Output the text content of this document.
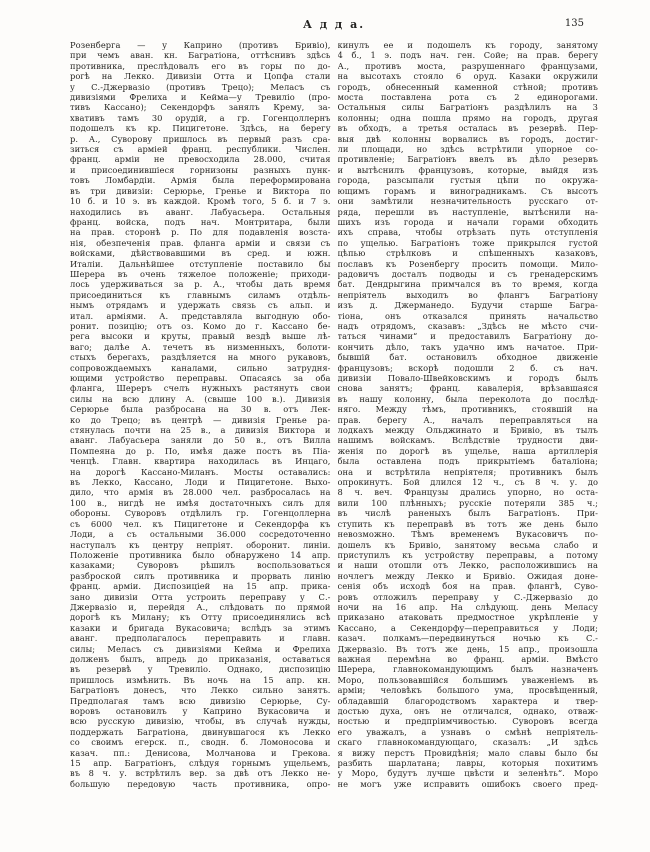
А д д а.	135
Розенберга — у Каприно (противъ Бривіо),
при чемъ аван. кн. Багратіона, оттѣснивъ здѣсь
противника, преслѣдовалъ его въ горы по до-
рогѣ на Лекко. Дивизіи Отта и Цопфа стали
у С.-Джервазіо (противъ Трецо); Меласъ съ
дивизіями Фрелиха и Кейма—у Тревиліо (про-
тивъ Кассано); Секендорфъ занялъ Крему, за-
хвативъ тамъ 30 орудій, а гр. Гогенцоллернъ
подошелъ къ кр. Пицигетоне. Здѣсь, на берегу
р. А., Суворову пришлось въ первый разъ сра-
зиться съ арміей франц. республики. Числен.
франц. арміи не превосходила 28.000, считая
и присоединившіеся горнизоны разныхъ пунк-
товъ Ломбардіи. Армія была переформирована
въ три дивизіи: Серюрье, Гренье и Виктора по
10 б. и 10 э. въ каждой. Кромѣ того, 5 б. и 7 э.
находились въ аванг. Лабуасьера. Остальныя
франц. войска, подъ нач. Монтритара, были
на прав. сторонѣ р. По для подавленія возста-
нія, обезпеченія прав. фланга арміи и связи съ
войсками, дѣйствовавшими въ сред. и южн.
Италіи. Дальнѣйшее отступленіе поставило бы
Шерера въ очень тяжелое положеніе; приходи-
лось удерживаться за р. А., чтобы дать время
присоединиться къ главнымъ силамъ отдѣль-
нымъ отрядамъ и удержать связь съ альп. и
итал. арміями. А. представляла выгодную обо-
ронит. позицію; отъ оз. Комо до г. Кассано бе-
рега высоки и круты, правый вездѣ выше лѣ-
ваго; далѣе А. течетъ въ низменныхъ, болоти-
стыхъ берегахъ, раздѣляется на много рукавовъ,
сопровождаемыхъ каналами, сильно затрудня-
ющими устройство переправы. Опасаясь за оба
фланга, Шереръ счелъ нужныхъ растянуть свои
силы на всю длину А. (свыше 100 в.). Дивизія
Серюрье была разбросана на 30 в. отъ Лек-
ко до Трецо; въ центрѣ — дивизія Гренье ра-
стянулась почти на 25 в., а дивизія Виктора и
аванг. Лабуасьера заняли до 50 в., отъ Вилла
Помпеяна до р. По, имѣя даже постъ въ Піа-
ченцѣ. Главн. квартира находилась въ Инцаго,
на дорогѣ Кассано-Миланъ. Мосты оставались:
въ Лекко, Кассано, Лоди и Пицигетоне. Выхо-
дило, что армія въ 28.000 чел. разбросалась на
100 в., нигдѣ не имѣя достаточныхъ силъ для
обороны. Суворовъ отдѣлилъ гр. Гогенцоллерна
съ 6000 чел. къ Пицигетоне и Секендорфа къ
Лоди, а съ остальными 36.000 сосредоточенно
наступалъ къ центру непріят. оборонит. линіи.
Положеніе противника было обнаружено 14 апр.
казаками; Суворовъ рѣшилъ воспользоваться
разброской силъ противника и прорвать линію
франц. арміи. Диспозиціей на 15 апр. прика-
зано дивизіи Отта устроить переправу у С.-
Джервазіо и, перейдя А., слѣдовать по прямой
дорогѣ къ Милану; къ Отту присоединялись всѣ
казаки и бригада Вукасовича; вслѣдъ за этимъ
аванг. предполагалось переправить и главн.
силы; Меласъ съ дивизіями Кейма и Фрелиха
долженъ былъ, впредь до приказанія, оставаться
въ резервѣ у Тревиліо. Однако, диспозицію
пришлось измѣнить. Въ ночь на 15 апр. кн.
Багратіонъ донесъ, что Лекко сильно занятъ.
Предполагая тамъ всю дивизію Серюрье, Су-
воровъ остановилъ у Каприно Вукасовича и
всю русскую дивизію, чтобы, въ случаѣ нужды,
поддержать Багратіона, двинувшагося къ Лекко
со своимъ егерск. п., сводн. б. Ломоносова и
казач. пп.: Денисова, Молчанова и Грекова.
15 апр. Багратіонъ, слѣдуя горнымъ ущельемъ,
въ 8 ч. у. встрѣтилъ вер. за двѣ отъ Лекко не-
большую передовую часть противника, опро-
кинулъ ее и подошелъ къ городу, занятому
4 б., 1 э. подъ нач. ген. Сойе; на прав. берегу
А., противъ моста, разрушеннаго французами,
на высотахъ стояло 6 оруд. Казаки окружили
городъ, обнесенный каменной стѣной; противъ
моста поставлена рота съ 2 единорогами.
Остальныя силы Багратіонъ раздѣлилъ на 3
колонны; одна пошла прямо на городъ, другая
въ обходъ, а третья осталась въ резервѣ. Пер-
выя двѣ колонны ворвались въ городъ, достиг-
ли площади, но здѣсь встрѣтили упорное со-
противленіе; Багратіонъ ввелъ въ дѣло резервъ
и вытѣснилъ французовъ, которые, выйдя изъ
города, разсыпали густыя цѣпи по окружа-
ющимъ горамъ и виноградникамъ. Съ высотъ
они замѣтили незначительность русскаго от-
ряда, перешли въ наступленіе, вытѣснили на-
шихъ изъ города и начали горами обходить
ихъ справа, чтобы отрѣзать путь отступленія
по ущелью. Багратіонъ тоже прикрылся густой
цѣпью стрѣлковъ и спѣшенныхъ казаковъ,
пославъ къ Розенбергу просить помощи. Мило-
радовичъ досталъ подводы и съ гренадерскимъ
бат. Дендрыгина примчался въ то время, когда
непріятель выходилъ во флангъ Багратіону
изъ д. Джерманедо. Будучи старше Багра-
тіона, онъ отказался принять начальство
надъ отрядомъ, сказавъ: „Здѣсь не мѣсто счи-
таться чинами“ и предоставилъ Багратіону до-
кончить дѣло, такъ удачно имъ начатое. При-
бывшій бат. остановилъ обходное движеніе
французовъ; вскорѣ подошли 2 б. съ нач.
дивизіи Повало-Швейковскимъ и городъ былъ
снова занятъ; франц. кавалерія, врѣзавшаяся
въ нашу колонну, была переколота до послѣд-
няго. Между тѣмъ, противникъ, стоявшій на
прав. берегу А., началъ переправляться на
лодкахъ между Ольджинато и Бривіо, въ тылъ
нашимъ войскамъ. Вслѣдствіе трудности дви-
женія по дорогѣ въ ущелье, наша артиллерія
была оставлена подъ прикрытіемъ баталіона;
она и встрѣтила непріятеля; противникъ былъ
опрокинутъ. Бой длился 12 ч., съ 8 ч. у. до
8 ч. веч. Французы дрались упорно, но оста-
вили 100 плѣнныхъ; русскіе потеряли 385 ч.;
въ числѣ раненыхъ былъ Багратіонъ. При-
ступить къ переправѣ въ тотъ же день было
невозможно. Тѣмъ временемъ Вукасовичъ по-
дошелъ къ Бривіо, занятому весьма слабо и
приступилъ къ устройству переправы, а потому
и наши отошли отъ Лекко, расположившись на
ночлегъ между Лекко и Бривіо. Ожидая доне-
сенія объ исходѣ боя на прав. флангѣ, Суво-
ровъ отложилъ переправу у С.-Джервазіо до
ночи на 16 апр. На слѣдующ. день Меласу
приказано атаковать предмостное укрѣпленіе у
Кассано, а Секендорфу—переправиться у Лоди;
казач. полкамъ—передвинуться ночью къ С.-
Джервазіо. Въ тотъ же день, 15 апр., произошла
важная перемѣна во франц. арміи. Вмѣсто
Шерера, главнокомандующимъ былъ назначенъ
Моро, пользовавшійся большимъ уваженіемъ въ
арміи; человѣкъ большого ума, просвѣщенный,
обладавшій благородствомъ характера и твер-
достью духа, онъ не отличался, однако, отваж-
ностью и предпріимчивостью. Суворовъ всегда
его уважалъ, а узнавъ о смѣнѣ непріятель-
скаго главнокомандующаго, сказалъ: „И здѣсь
я вижу перстъ Провидѣнія; мало славы было бы
разбить шарлатана; лавры, которыя похитимъ
у Моро, будутъ лучше цвѣсти и зеленѣть“. Моро
не могъ уже исправить ошибокъ своего пред-
